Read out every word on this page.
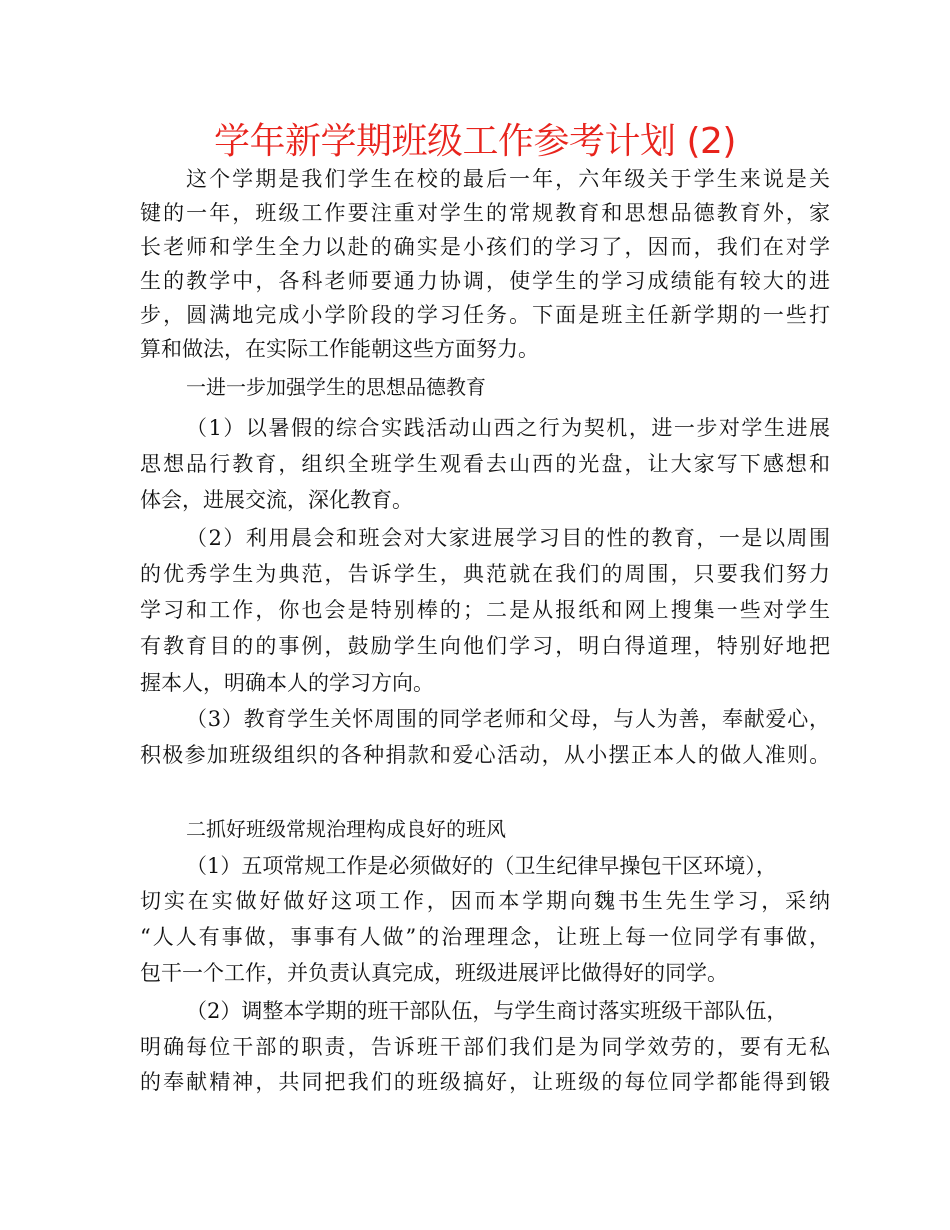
学年新学期班级工作参考计划 (2)

这个学期是我们学生在校的最后一年，六年级关于学生来说是关

键的一年，班级工作要注重对学生的常规教育和思想品德教育外，家

长老师和学生全力以赴的确实是小孩们的学习了，因而，我们在对学

生的教学中，各科老师要通力协调，使学生的学习成绩能有较大的进

步，圆满地完成小学阶段的学习任务。下面是班主任新学期的一些打

算和做法，在实际工作能朝这些方面努力。

一进一步加强学生的思想品德教育

（1）以暑假的综合实践活动山西之行为契机，进一步对学生进展

思想品行教育，组织全班学生观看去山西的光盘，让大家写下感想和

体会，进展交流，深化教育。

（2）利用晨会和班会对大家进展学习目的性的教育，一是以周围

的优秀学生为典范，告诉学生，典范就在我们的周围，只要我们努力

学习和工作，你也会是特别棒的；二是从报纸和网上搜集一些对学生

有教育目的的事例，鼓励学生向他们学习，明白得道理，特别好地把

握本人，明确本人的学习方向。

（3）教育学生关怀周围的同学老师和父母，与人为善，奉献爱心，

积极参加班级组织的各种捐款和爱心活动，从小摆正本人的做人准则。

二抓好班级常规治理构成良好的班风

（1）五项常规工作是必须做好的（卫生纪律早操包干区环境），

切实在实做好做好这项工作，因而本学期向魏书生先生学习，采纳

“人人有事做，事事有人做”的治理理念，让班上每一位同学有事做，

包干一个工作，并负责认真完成，班级进展评比做得好的同学。

（2）调整本学期的班干部队伍，与学生商讨落实班级干部队伍，

明确每位干部的职责，告诉班干部们我们是为同学效劳的，要有无私

的奉献精神，共同把我们的班级搞好，让班级的每位同学都能得到锻
